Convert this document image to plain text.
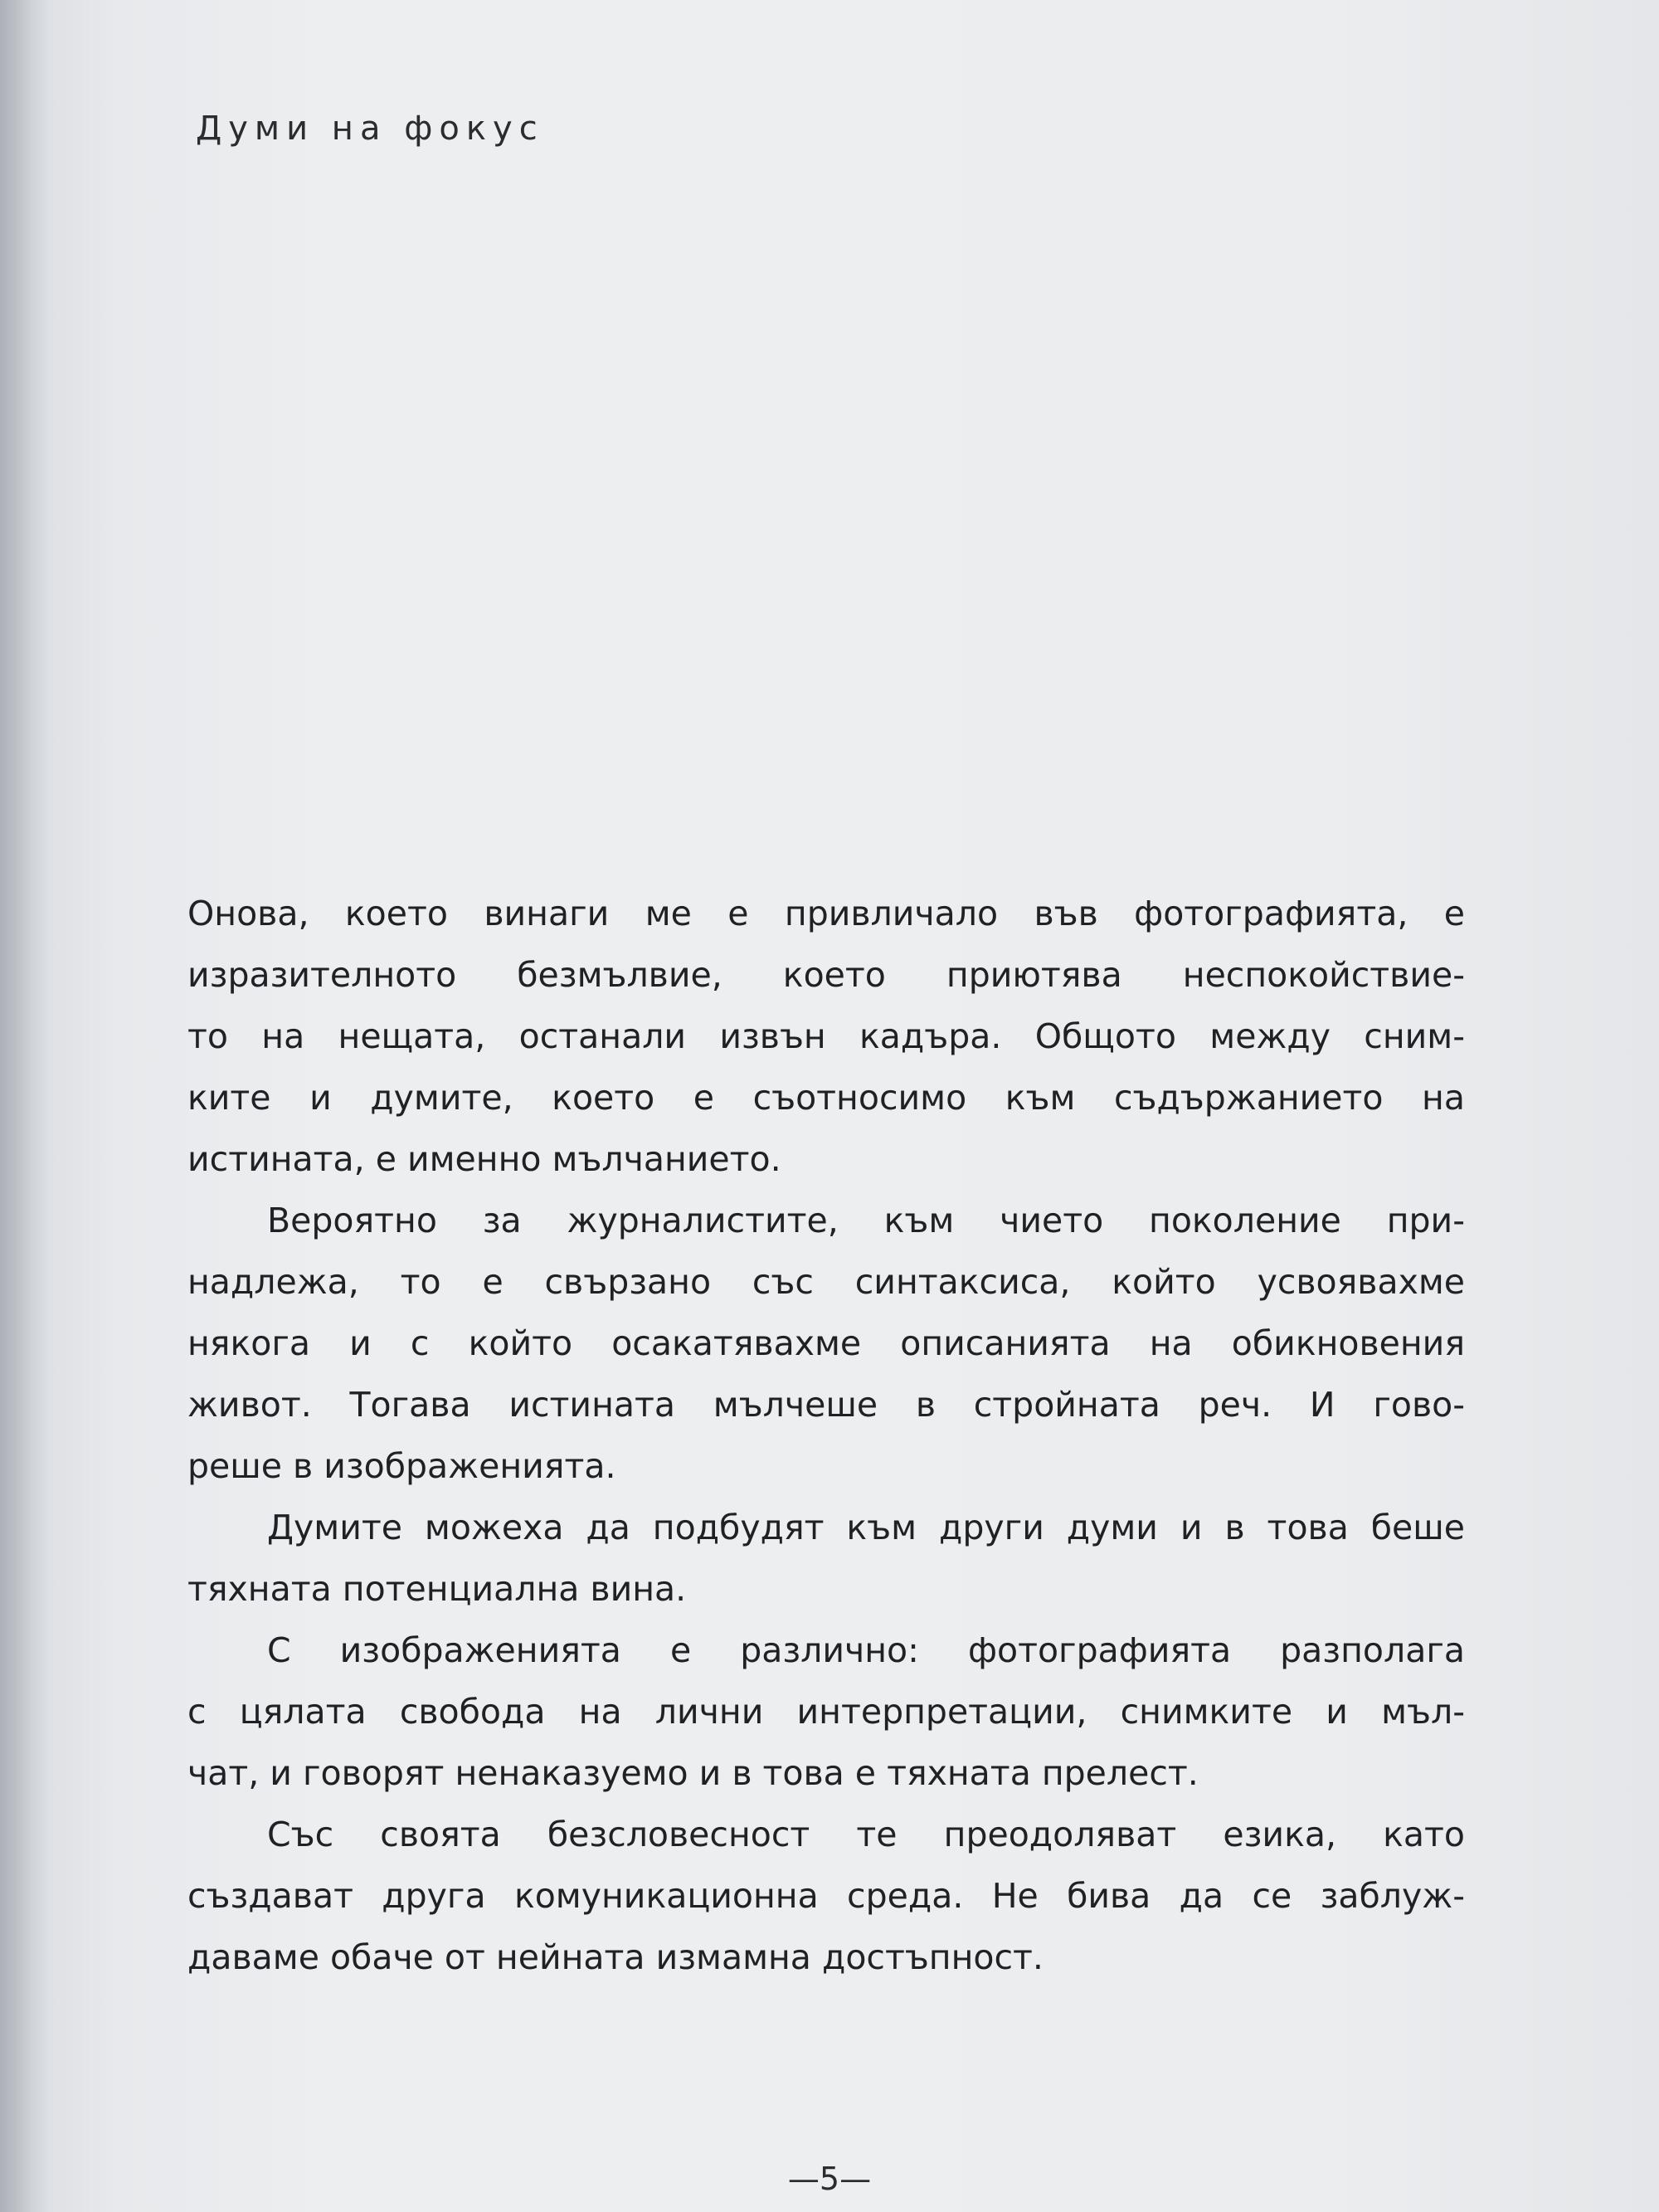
Думи на фокус
Онова, което винаги ме е привличало във фотографията, е
изразителното безмълвие, което приютява неспокойствие-
то на нещата, останали извън кадъра. Общото между сним-
ките и думите, което е съотносимо към съдържанието на
истината, е именно мълчанието.
Вероятно за журналистите, към чието поколение при-
надлежа, то е свързано със синтаксиса, който усвоявахме
някога и с който осакатявахме описанията на обикновения
живот. Тогава истината мълчеше в стройната реч. И гово-
реше в изображенията.
Думите можеха да подбудят към други думи и в това беше
тяхната потенциална вина.
С изображенията е различно: фотографията разполага
с цялата свобода на лични интерпретации, снимките и мъл-
чат, и говорят ненаказуемо и в това е тяхната прелест.
Със своята безсловесност те преодоляват езика, като
създават друга комуникационна среда. Не бива да се заблуж-
даваме обаче от нейната измамна достъпност.
—5—
